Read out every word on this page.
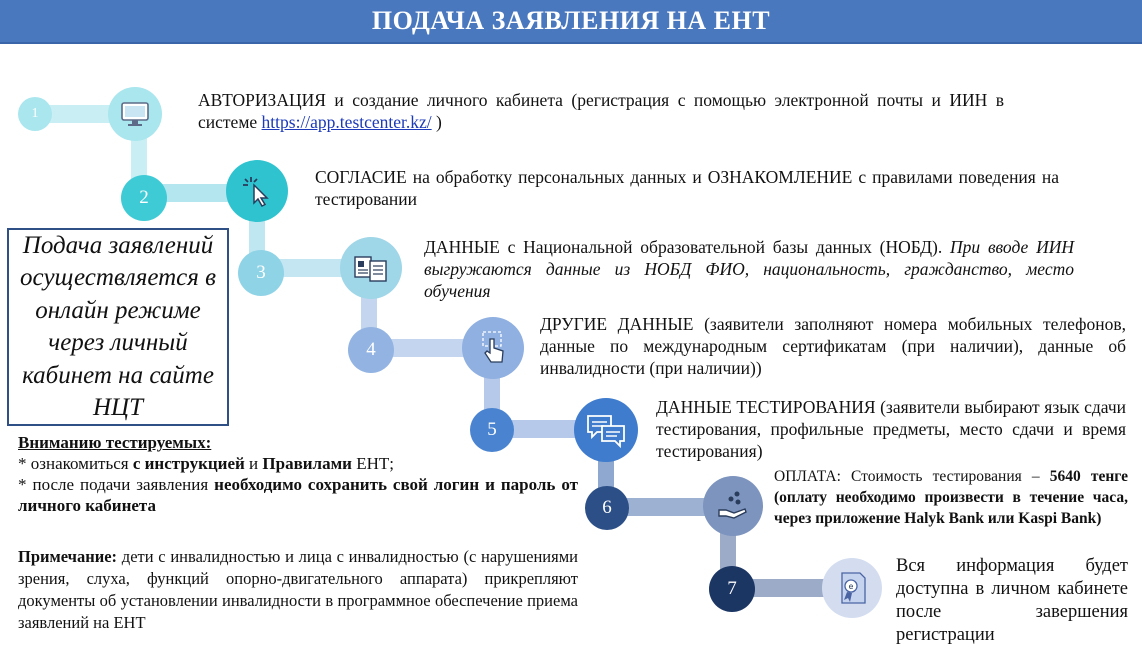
ПОДАЧА ЗАЯВЛЕНИЯ НА ЕНТ
1
АВТОРИЗАЦИЯ и создание личного кабинета (регистрация с помощью электронной почты и ИИН в системе https://app.testcenter.kz/ )
2
СОГЛАСИЕ на обработку персональных данных и ОЗНАКОМЛЕНИЕ с правилами поведения на тестировании
3
ДАННЫЕ с Национальной образовательной базы данных (НОБД). При вводе ИИН выгружаются данные из НОБД ФИО, национальность, гражданство, место обучения
4
ДРУГИЕ ДАННЫЕ (заявители заполняют номера мобильных телефонов, данные по международным сертификатам (при наличии), данные об инвалидности (при наличии))
5
ДАННЫЕ ТЕСТИРОВАНИЯ (заявители выбирают язык сдачи тестирования, профильные предметы, место сдачи и время тестирования)
6
ОПЛАТА: Стоимость тестирования – 5640 тенге (оплату необходимо произвести в течение часа, через приложение Halyk Bank или Kaspi Bank)
7	e
Вся информация будет доступна в личном кабинете после завершения регистрации
Подача заявлений осуществляется в онлайн режиме через личный кабинет на сайте НЦТ
Вниманию тестируемых:
* ознакомиться с инструкцией и Правилами ЕНТ;
* после подачи заявления необходимо сохранить свой логин и пароль от личного кабинета
Примечание: дети с инвалидностью и лица с инвалидностью (с нарушениями зрения, слуха, функций опорно-двигательного аппарата) прикрепляют документы об установлении инвалидности в программное обеспечение приема заявлений на ЕНТ
